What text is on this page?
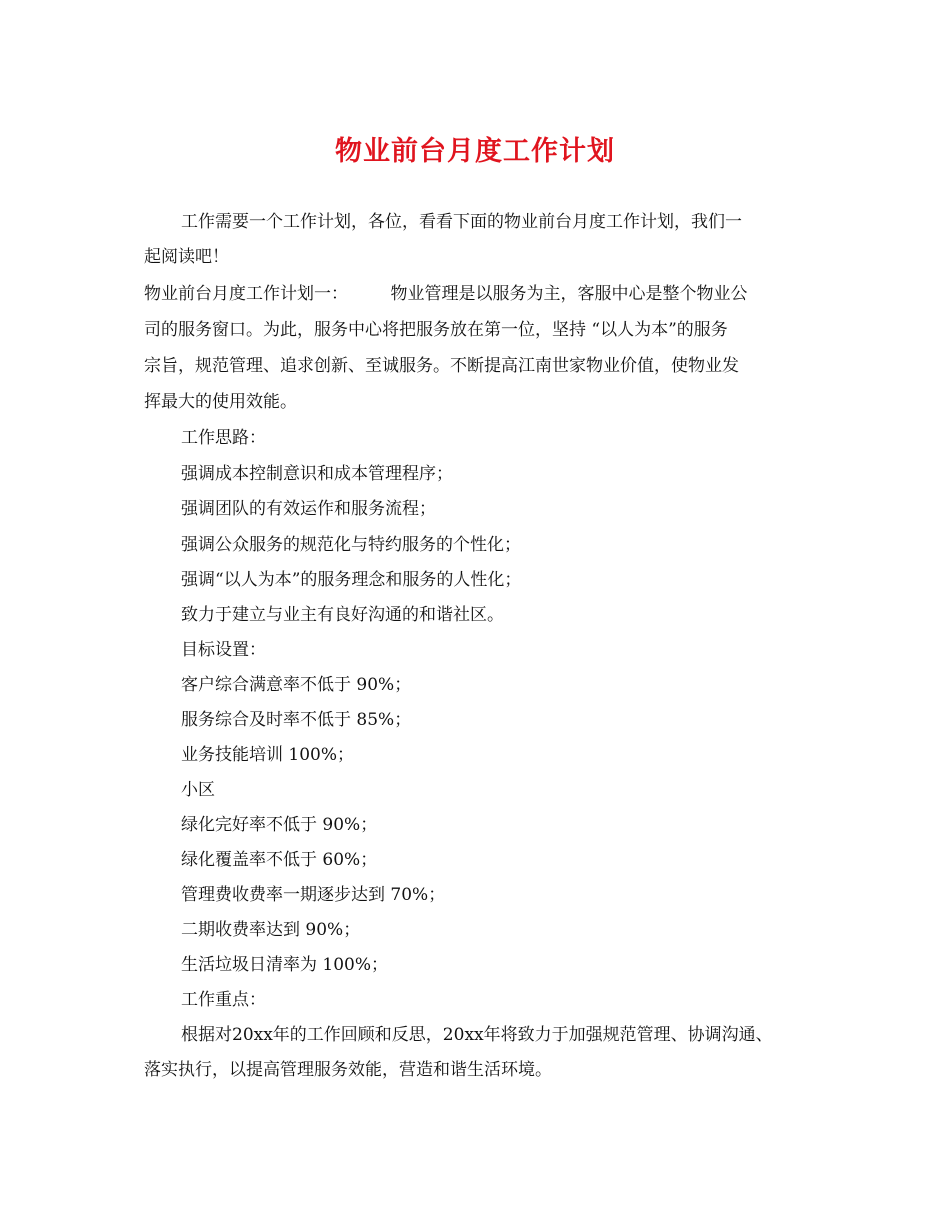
物业前台月度工作计划
工作需要一个工作计划，各位，看看下面的物业前台月度工作计划，我们一
起阅读吧！
物业前台月度工作计划一：　　　物业管理是以服务为主，客服中心是整个物业公
司的服务窗口。为此，服务中心将把服务放在第一位，坚持 “以人为本”的服务
宗旨，规范管理、追求创新、至诚服务。不断提高江南世家物业价值，使物业发
挥最大的使用效能。
工作思路：
强调成本控制意识和成本管理程序；
强调团队的有效运作和服务流程；
强调公众服务的规范化与特约服务的个性化；
强调“以人为本”的服务理念和服务的人性化；
致力于建立与业主有良好沟通的和谐社区。
目标设置：
客户综合满意率不低于 90%；
服务综合及时率不低于 85%；
业务技能培训 100%；
小区
绿化完好率不低于 90%；
绿化覆盖率不低于 60%；
管理费收费率一期逐步达到 70%；
二期收费率达到 90%；
生活垃圾日清率为 100%；
工作重点：
根据对20xx年的工作回顾和反思，20xx年将致力于加强规范管理、协调沟通、
落实执行，以提高管理服务效能，营造和谐生活环境。
